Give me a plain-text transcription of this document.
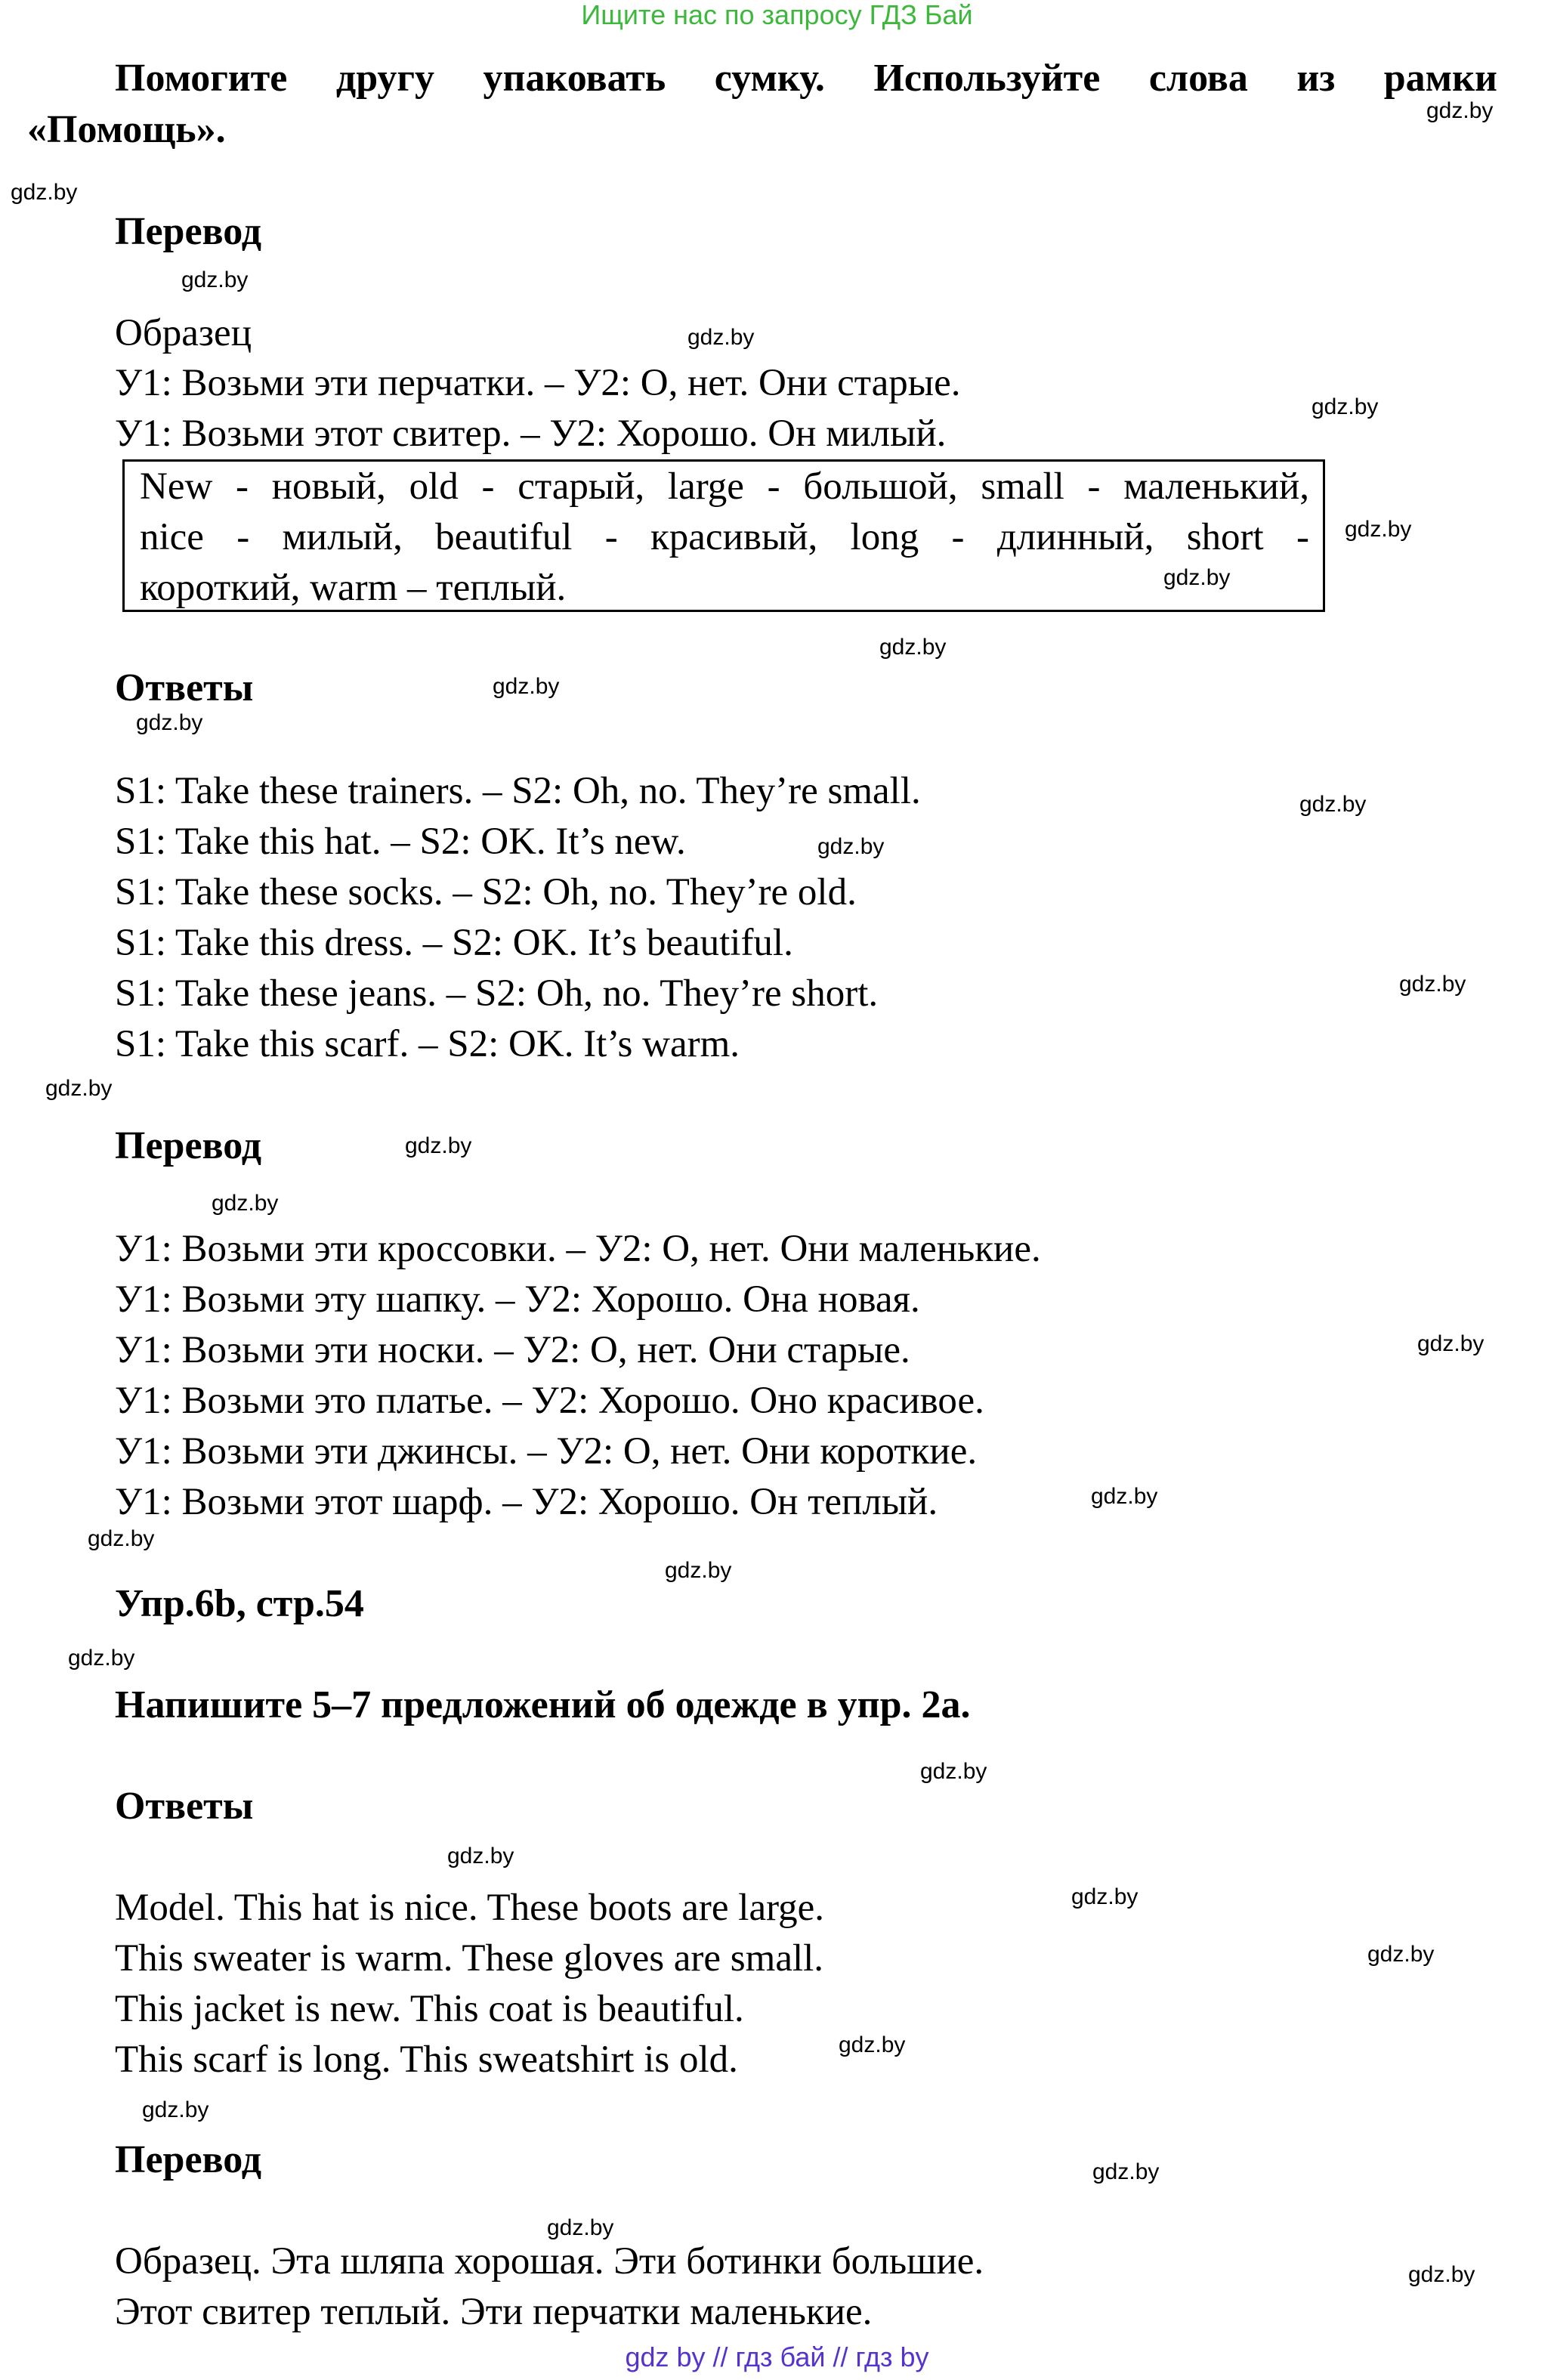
Ищите нас по запросу ГДЗ Бай
Помогите другу упаковать сумку. Используйте слова из рамки
«Помощь».
Перевод
Образец
У1: Возьми эти перчатки. – У2: О, нет. Они старые.
У1: Возьми этот свитер. – У2: Хорошо. Он милый.
New - новый, old - старый, large - большой, small - маленький,
nice - милый, beautiful - красивый, long - длинный, short -
короткий, warm – теплый.
Ответы
S1: Take these trainers. – S2: Oh, no. They’re small.
S1: Take this hat. – S2: OK. It’s new.
S1: Take these socks. – S2: Oh, no. They’re old.
S1: Take this dress. – S2: OK. It’s beautiful.
S1: Take these jeans. – S2: Oh, no. They’re short.
S1: Take this scarf. – S2: OK. It’s warm.
Перевод
У1: Возьми эти кроссовки. – У2: О, нет. Они маленькие.
У1: Возьми эту шапку. – У2: Хорошо. Она новая.
У1: Возьми эти носки. – У2: О, нет. Они старые.
У1: Возьми это платье. – У2: Хорошо. Оно красивое.
У1: Возьми эти джинсы. – У2: О, нет. Они короткие.
У1: Возьми этот шарф. – У2: Хорошо. Он теплый.
Упр.6b, стр.54
Напишите 5–7 предложений об одежде в упр. 2а.
Ответы
Model. This hat is nice. These boots are large.
This sweater is warm. These gloves are small.
This jacket is new. This coat is beautiful.
This scarf is long. This sweatshirt is old.
Перевод
Образец. Эта шляпа хорошая. Эти ботинки большие.
Этот свитер теплый. Эти перчатки маленькие.
gdz.by
gdz.by
gdz.by
gdz.by
gdz.by
gdz.by
gdz.by
gdz.by
gdz.by
gdz.by
gdz.by
gdz.by
gdz.by
gdz.by
gdz.by
gdz.by
gdz.by
gdz.by
gdz.by
gdz.by
gdz.by
gdz.by
gdz.by
gdz.by
gdz.by
gdz.by
gdz.by
gdz.by
gdz.by
gdz.by
gdz by // гдз бай // гдз by
